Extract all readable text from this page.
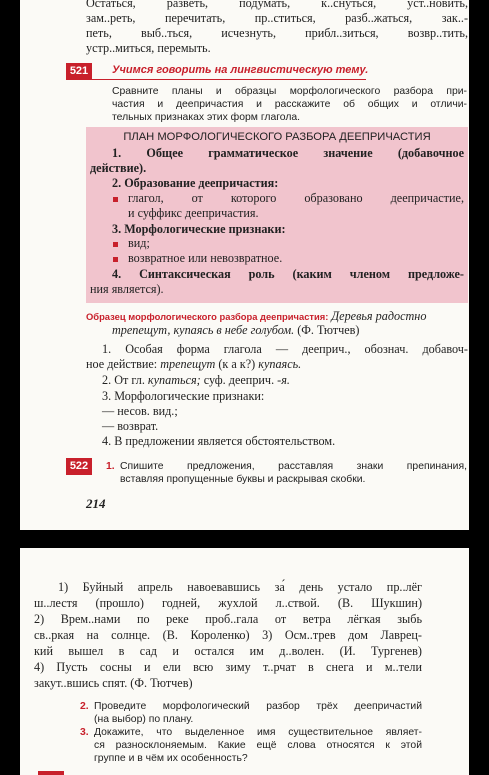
Остаться, разветь, подумать, к..снуться, уст..новить,
зам..реть, перечитать, пр..ститься, разб..жаться, зак..-
петь, выб..ться, исчезнуть, прибл..зиться, возвр..тить,
устр..миться, перемыть.
521	Учимся говорить на лингвистическую тему.
Сравните планы и образцы морфологического разбора при-
частия и деепричастия и расскажите об общих и отличи-
тельных признаках этих форм глагола.
ПЛАН МОРФОЛОГИЧЕСКОГО РАЗБОРА ДЕЕПРИЧАСТИЯ
1. Общее грамматическое значение (добавочное
действие).
2. Образование деепричастия:
глагол, от которого образовано деепричастие,
и суффикс деепричастия.
3. Морфологические признаки:
вид;
возвратное или невозвратное.
4. Синтаксическая роль (каким членом предложе-
ния является).
Образец морфологического разбора деепричастия: Деревья радостно
трепещут, купаясь в небе голубом. (Ф. Тютчев)
1. Особая форма глагола — дееприч., обознач. добавоч-
ное действие: трепещут (к а к?) купаясь.
2. От гл. купаться; суф. дееприч. -я.
3. Морфологические признаки:
— несов. вид.;
— возврат.
4. В предложении является обстоятельством.
522	1. Спишите предложения, расставляя знаки препинания,
вставляя пропущенные буквы и раскрывая скобки.
214
1) Буйный апрель навоевавшись за́ день устало пр..лёг
ш..лестя (прошло) годней, жухлой л..ствой. (В. Шукшин)
2) Врем..нами по реке проб..гала от ветра лёгкая зыбь
св..ркая на солнце. (В. Короленко) 3) Осм..трев дом Лаврец-
кий вышел в сад и остался им д..волен. (И. Тургенев)
4) Пусть сосны и ели всю зиму т..рчат в снега и м..тели
закут..вшись спят. (Ф. Тютчев)
2. Проведите морфологический разбор трёх деепричастий
(на выбор) по плану.
3. Докажите, что выделенное имя существительное являет-
ся разносклоняемым. Какие ещё слова относятся к этой
группе и в чём их особенность?
